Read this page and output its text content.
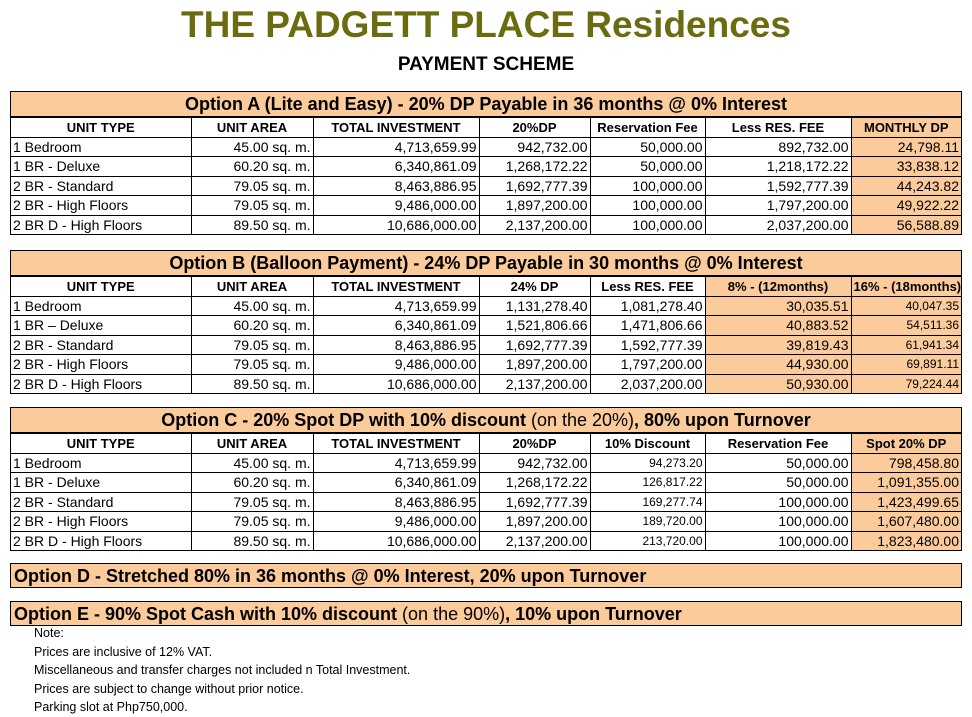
THE PADGETT PLACE Residences
PAYMENT SCHEME
Option A (Lite and Easy) - 20% DP Payable in 36 months @ 0% Interest
UNIT TYPE	UNIT AREA	TOTAL INVESTMENT	20%DP	Reservation Fee	Less RES. FEE	MONTHLY DP
1 Bedroom	45.00 sq. m.	4,713,659.99	942,732.00	50,000.00	892,732.00	24,798.11
1 BR - Deluxe	60.20 sq. m.	6,340,861.09	1,268,172.22	50,000.00	1,218,172.22	33,838.12
2 BR - Standard	79.05 sq. m.	8,463,886.95	1,692,777.39	100,000.00	1,592,777.39	44,243.82
2 BR - High Floors	79.05 sq. m.	9,486,000.00	1,897,200.00	100,000.00	1,797,200.00	49,922.22
2 BR D - High Floors	89.50 sq. m.	10,686,000.00	2,137,200.00	100,000.00	2,037,200.00	56,588.89
Option B (Balloon Payment) - 24% DP Payable in 30 months @ 0% Interest
UNIT TYPE	UNIT AREA	TOTAL INVESTMENT	24% DP	Less RES. FEE	8% - (12months)	16% - (18months)
1 Bedroom	45.00 sq. m.	4,713,659.99	1,131,278.40	1,081,278.40	30,035.51	40,047.35
1 BR – Deluxe	60.20 sq. m.	6,340,861.09	1,521,806.66	1,471,806.66	40,883.52	54,511.36
2 BR - Standard	79.05 sq. m.	8,463,886.95	1,692,777.39	1,592,777.39	39,819.43	61,941.34
2 BR - High Floors	79.05 sq. m.	9,486,000.00	1,897,200.00	1,797,200.00	44,930.00	69,891.11
2 BR D - High Floors	89.50 sq. m.	10,686,000.00	2,137,200.00	2,037,200.00	50,930.00	79,224.44
Option C - 20% Spot DP with 10% discount (on the 20%), 80% upon Turnover
UNIT TYPE	UNIT AREA	TOTAL INVESTMENT	20%DP	10% Discount	Reservation Fee	Spot 20% DP
1 Bedroom	45.00 sq. m.	4,713,659.99	942,732.00	94,273.20	50,000.00	798,458.80
1 BR - Deluxe	60.20 sq. m.	6,340,861.09	1,268,172.22	126,817.22	50,000.00	1,091,355.00
2 BR - Standard	79.05 sq. m.	8,463,886.95	1,692,777.39	169,277.74	100,000.00	1,423,499.65
2 BR - High Floors	79.05 sq. m.	9,486,000.00	1,897,200.00	189,720.00	100,000.00	1,607,480.00
2 BR D - High Floors	89.50 sq. m.	10,686,000.00	2,137,200.00	213,720.00	100,000.00	1,823,480.00
Option D - Stretched 80% in 36 months @ 0% Interest, 20% upon Turnover
Option E - 90% Spot Cash with 10% discount (on the 90%), 10% upon Turnover
Note:
Prices are inclusive of 12% VAT.
Miscellaneous and transfer charges not included n Total Investment.
Prices are subject to change without prior notice.
Parking slot at Php750,000.
